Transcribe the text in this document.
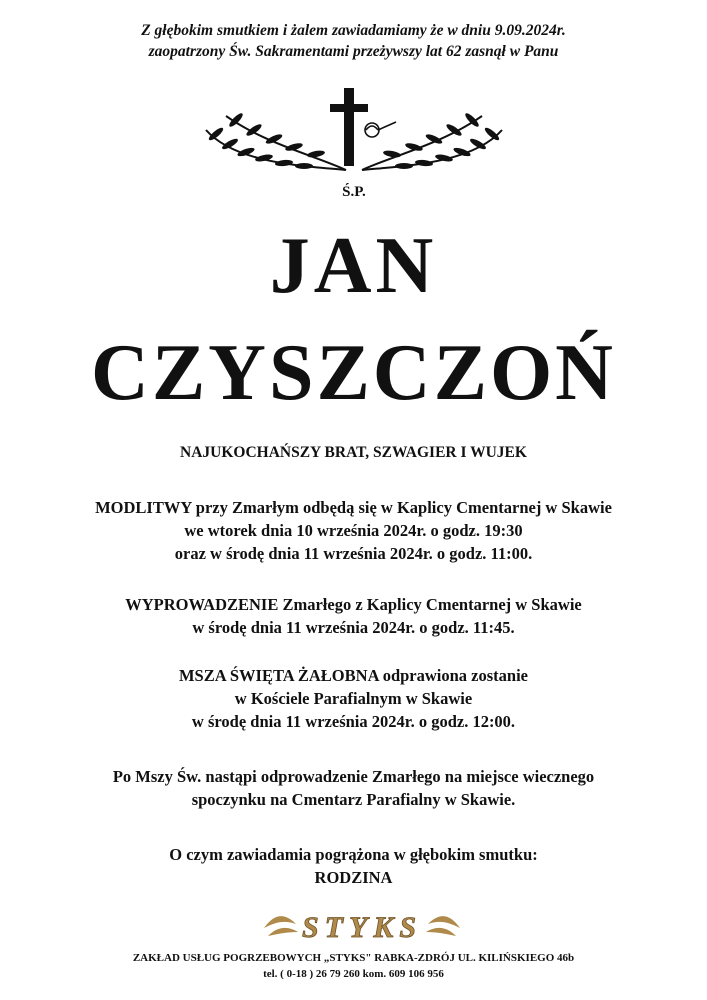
Z głębokim smutkiem i żalem zawiadamiamy że w dniu 9.09.2024r.
zaopatrzony Św. Sakramentami przeżywszy lat 62 zasnął w Panu
Ś.P.
JAN
CZYSZCZOŃ
NAJUKOCHAŃSZY BRAT, SZWAGIER I WUJEK
MODLITWY przy Zmarłym odbędą się w Kaplicy Cmentarnej w Skawie
we wtorek dnia 10 września 2024r. o godz. 19:30
oraz w środę dnia 11 września 2024r. o godz. 11:00.
WYPROWADZENIE Zmarłego z Kaplicy Cmentarnej w Skawie
w środę dnia 11 września 2024r. o godz. 11:45.
MSZA ŚWIĘTA ŻAŁOBNA odprawiona zostanie
w Kościele Parafialnym w Skawie
w środę dnia 11 września 2024r. o godz. 12:00.
Po Mszy Św. nastąpi odprowadzenie Zmarłego na miejsce wiecznego
spoczynku na Cmentarz Parafialny w Skawie.
O czym zawiadamia pogrążona w głębokim smutku:
RODZINA
STYKS
ZAKŁAD USŁUG POGRZEBOWYCH „STYKS" RABKA-ZDRÓJ UL. KILIŃSKIEGO 46b
tel. ( 0-18 ) 26 79 260 kom. 609 106 956
